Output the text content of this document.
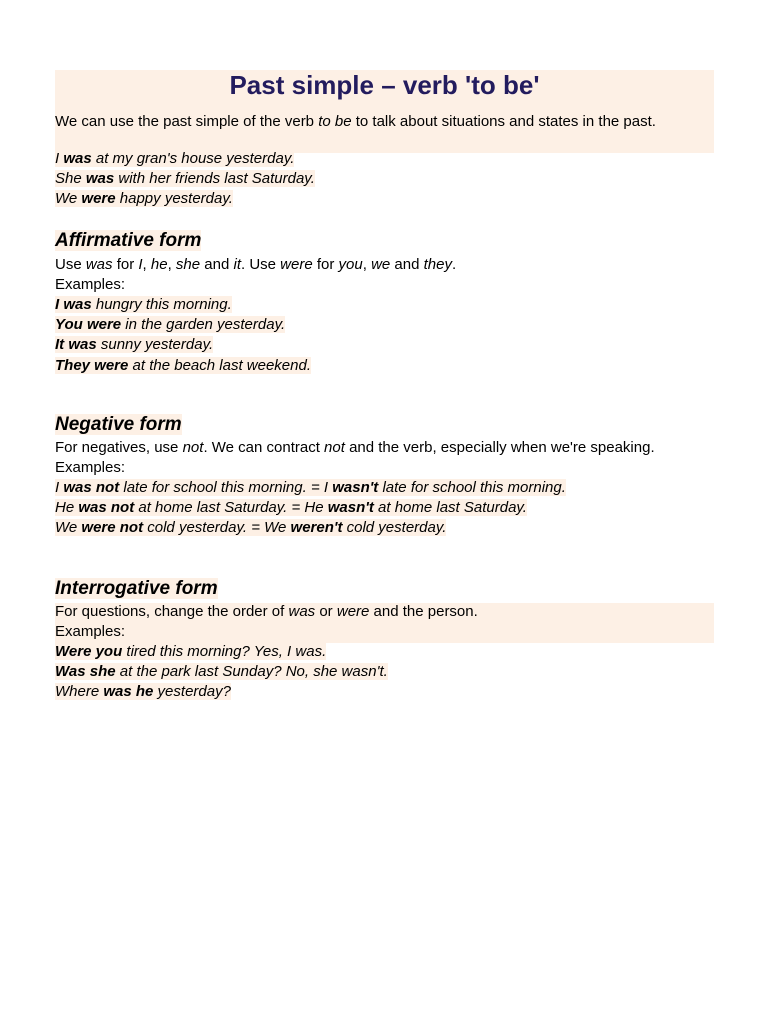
Past simple – verb 'to be'
We can use the past simple of the verb to be to talk about situations and states in the past.
I was at my gran's house yesterday.
She was with her friends last Saturday.
We were happy yesterday.
Affirmative form
Use was for I, he, she and it. Use were for you, we and they.
Examples:
I was hungry this morning.
You were in the garden yesterday.
It was sunny yesterday.
They were at the beach last weekend.
Negative form
For negatives, use not. We can contract not and the verb, especially when we're speaking.
Examples:
I was not late for school this morning. = I wasn't late for school this morning.
He was not at home last Saturday. = He wasn't at home last Saturday.
We were not cold yesterday. = We weren't cold yesterday.
Interrogative form
For questions, change the order of was or were and the person.
Examples:
Were you tired this morning? Yes, I was.
Was she at the park last Sunday? No, she wasn't.
Where was he yesterday?
